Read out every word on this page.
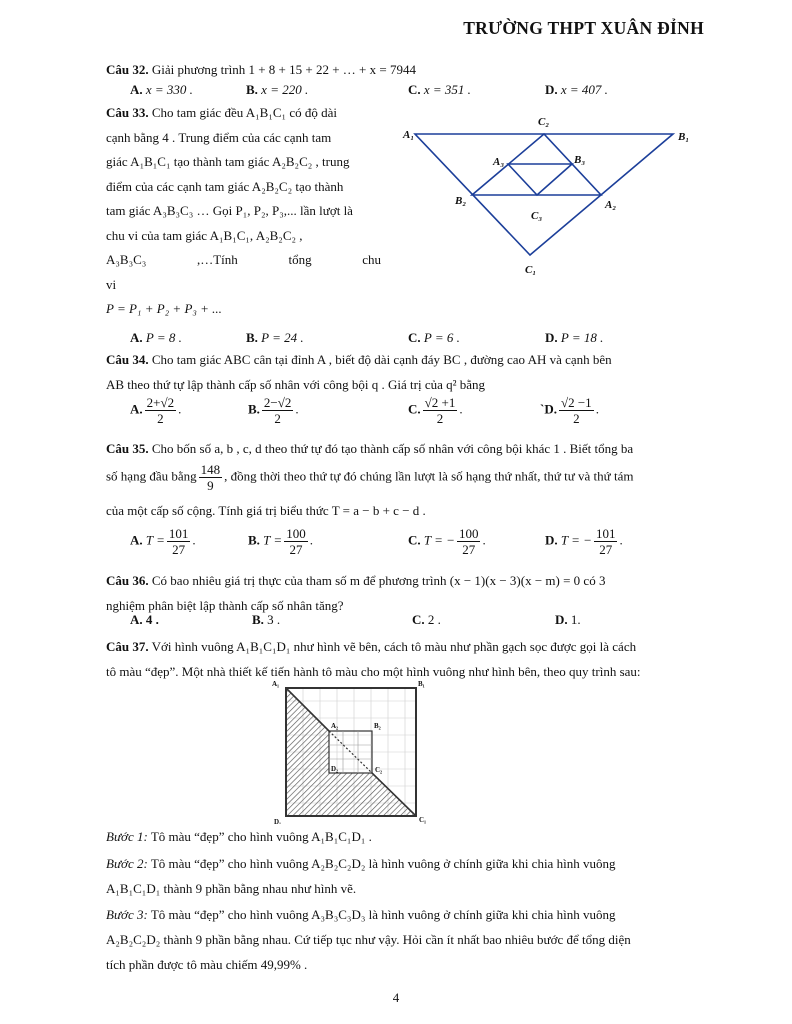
TRƯỜNG THPT XUÂN ĐỈNH
Câu 32. Giải phương trình 1 + 8 + 15 + 22 + … + x = 7944
A. x = 330 .	B. x = 220 .	C. x = 351 .	D. x = 407 .
Câu 33. Cho tam giác đều A₁B₁C₁ có độ dài
cạnh bằng 4 . Trung điểm của các cạnh tam
giác A₁B₁C₁ tạo thành tam giác A₂B₂C₂ , trung
điểm của các cạnh tam giác A₂B₂C₂ tạo thành
tam giác A₃B₃C₃ … Gọi P₁, P₂, P₃,... lần lượt là
chu vi của tam giác A₁B₁C₁, A₂B₂C₂ ,
A₃B₃C₃ ,…Tính tổng chu vi
P = P₁ + P₂ + P₃ + ...
A₁	B₁
C₁
A₂
B₂
C₂
A₃	B₃
C₃
A. P = 8 .	B. P = 24 .	C. P = 6 .	D. P = 18 .
Câu 34. Cho tam giác ABC cân tại đỉnh A , biết độ dài cạnh đáy BC , đường cao AH và cạnh bên
AB theo thứ tự lập thành cấp số nhân với công bội q . Giá trị của q² bằng
A. $\frac{2+√2}{2}$ .	B. $\frac{2-√2}{2}$ .	C. $\frac{√2 +1}{2}$ .	`D. $\frac{√2 -1}{2}$ .
Câu 35. Cho bốn số a, b , c, d theo thứ tự đó tạo thành cấp số nhân với công bội khác 1 . Biết tổng ba
số hạng đầu bằng $\frac{148}{9}$ , đồng thời theo thứ tự đó chúng lần lượt là số hạng thứ nhất, thứ tư và thứ tám
của một cấp số cộng. Tính giá trị biểu thức T = a − b + c − d .
A. $T = \frac{101}{27}$ .	B. $T = \frac{100}{27}$ .	C. T = − $\frac{100}{27}$ .	D. T = − $\frac{101}{27}$ .
Câu 36. Có bao nhiêu giá trị thực của tham số m để phương trình (x − 1)(x − 3)(x − m) = 0 có 3
nghiệm phân biệt lập thành cấp số nhân tăng?
A. 4 .	B. 3 .	C. 2 .	D. 1.
Câu 37. Với hình vuông A₁B₁C₁D₁ như hình vẽ bên, cách tô màu như phần gạch sọc được gọi là cách
tô màu “đẹp”. Một nhà thiết kế tiến hành tô màu cho một hình vuông như hình bên, theo quy trình sau:
A₁	B₁
C₁
D₁
A₂	B₂
C₂
D₂
Bước 1: Tô màu “đẹp” cho hình vuông A₁B₁C₁D₁ .
Bước 2: Tô màu “đẹp” cho hình vuông A₂B₂C₂D₂ là hình vuông ở chính giữa khi chia hình vuông
A₁B₁C₁D₁ thành 9 phần bằng nhau như hình vẽ.
Bước 3: Tô màu “đẹp” cho hình vuông A₃B₃C₃D₃ là hình vuông ở chính giữa khi chia hình vuông
A₂B₂C₂D₂ thành 9 phần bằng nhau. Cứ tiếp tục như vậy. Hỏi cần ít nhất bao nhiêu bước để tổng diện
tích phần được tô màu chiếm 49,99% .
4
